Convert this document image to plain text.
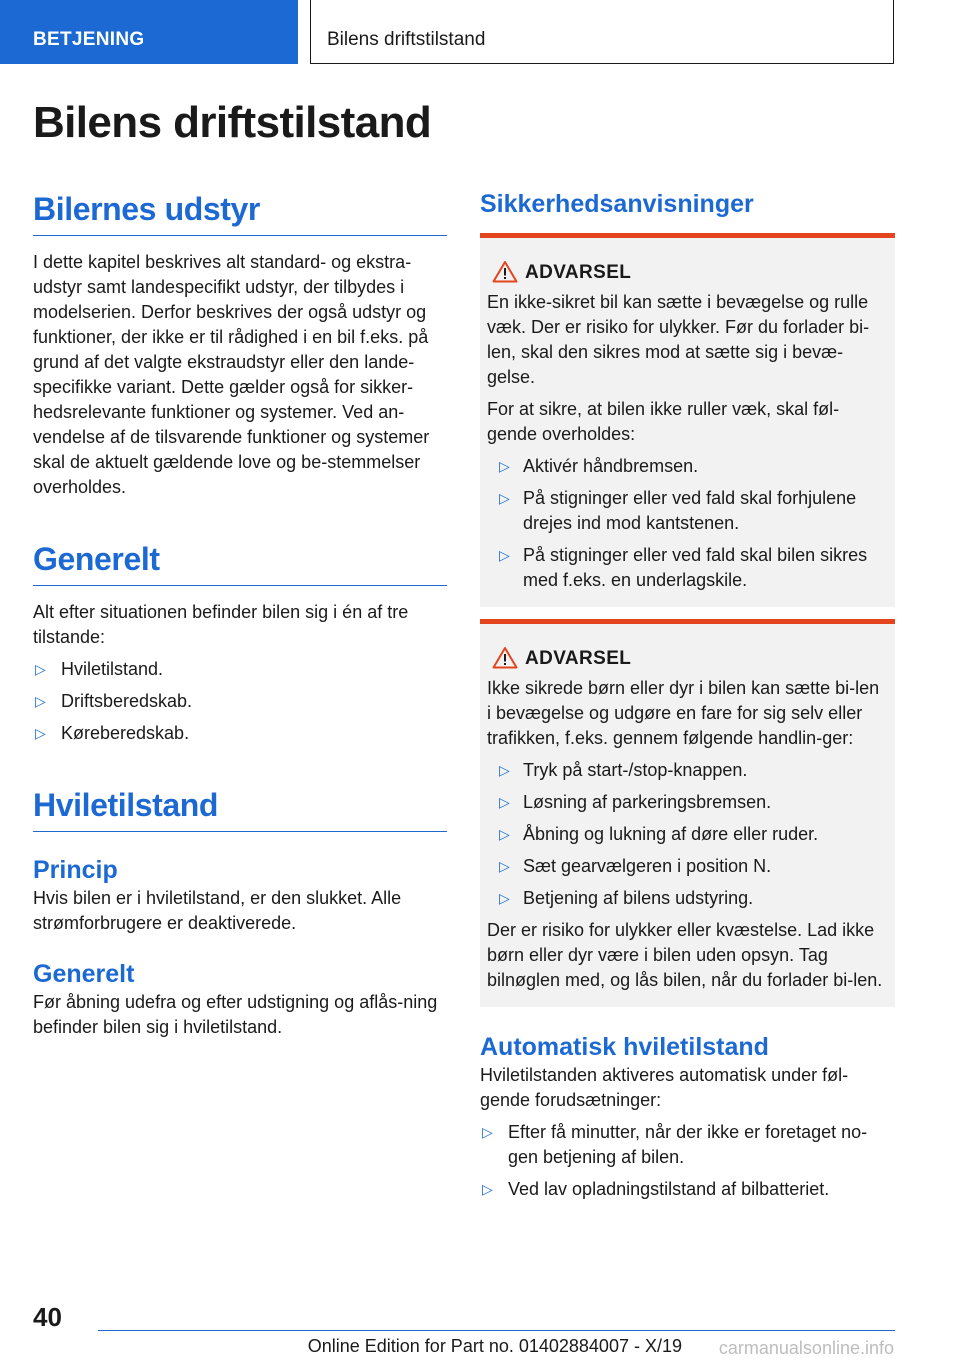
BETJENING	Bilens driftstilstand
Bilens driftstilstand
Bilernes udstyr

I dette kapitel beskrives alt standard- og ekstra-udstyr samt landespecifikt udstyr, der tilbydes i modelserien. Derfor beskrives der også udstyr og funktioner, der ikke er til rådighed i en bil f.eks. på grund af det valgte ekstraudstyr eller den lande-specifikke variant. Dette gælder også for sikker-hedsrelevante funktioner og systemer. Ved an-vendelse af de tilsvarende funktioner og systemer skal de aktuelt gældende love og be-stemmelser overholdes.

Generelt

Alt efter situationen befinder bilen sig i én af tre tilstande:

▷ Hviletilstand.
▷ Driftsberedskab.
▷ Køreberedskab.
Hviletilstand
Princip

Hvis bilen er i hviletilstand, er den slukket. Alle strømforbrugere er deaktiverede.

Generelt

Før åbning udefra og efter udstigning og aflås-ning befinder bilen sig i hviletilstand.

Sikkerhedsanvisninger
ADVARSEL

En ikke-sikret bil kan sætte i bevægelse og rulle væk. Der er risiko for ulykker. Før du forlader bi-len, skal den sikres mod at sætte sig i bevæ-gelse.

For at sikre, at bilen ikke ruller væk, skal føl-gende overholdes:

▷ Aktivér håndbremsen.
▷ På stigninger eller ved fald skal forhjulene drejes ind mod kantstenen.
▷ På stigninger eller ved fald skal bilen sikres med f.eks. en underlagskile.
ADVARSEL

Ikke sikrede børn eller dyr i bilen kan sætte bi-len i bevægelse og udgøre en fare for sig selv eller trafikken, f.eks. gennem følgende handlin-ger:

▷ Tryk på start-/stop-knappen.
▷ Løsning af parkeringsbremsen.
▷ Åbning og lukning af døre eller ruder.
▷ Sæt gearvælgeren i position N.
▷ Betjening af bilens udstyring.

Der er risiko for ulykker eller kvæstelse. Lad ikke børn eller dyr være i bilen uden opsyn. Tag bilnøglen med, og lås bilen, når du forlader bi-len.

Automatisk hviletilstand

Hviletilstanden aktiveres automatisk under føl-gende forudsætninger:

▷ Efter få minutter, når der ikke er foretaget no-gen betjening af bilen.
▷ Ved lav opladningstilstand af bilbatteriet.
40
Online Edition for Part no. 01402884007 - X/19 carmanualsonline.info
